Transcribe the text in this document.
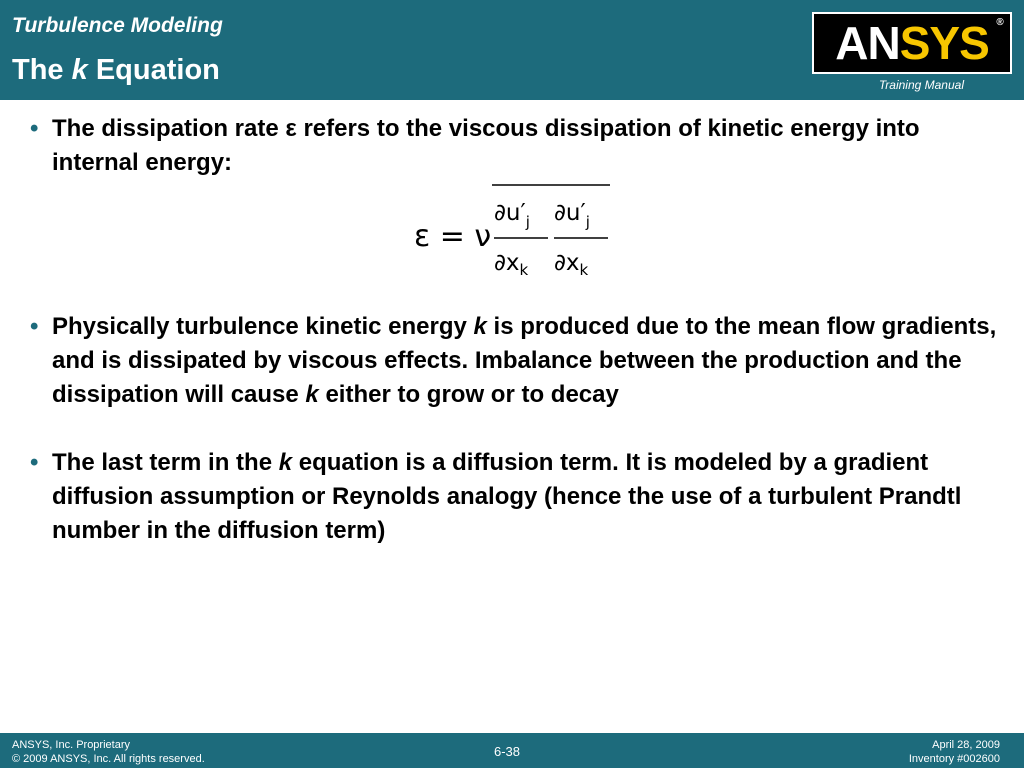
Turbulence Modeling
The k Equation
ANSYS ®
Training Manual
• The dissipation rate ε refers to the viscous dissipation of kinetic energy into internal energy:
• Physically turbulence kinetic energy k is produced due to the mean flow gradients, and is dissipated by viscous effects. Imbalance between the production and the dissipation will cause k either to grow or to decay
• The last term in the k equation is a diffusion term. It is modeled by a gradient diffusion assumption or Reynolds analogy (hence the use of a turbulent Prandtl number in the diffusion term)
ε = ν
$\partial u'_j$
$\partial x_k$
$\partial u'_j$
$\partial x_k$
ANSYS, Inc. Proprietary
© 2009 ANSYS, Inc. All rights reserved.	6-38	April 28, 2009
Inventory #002600
